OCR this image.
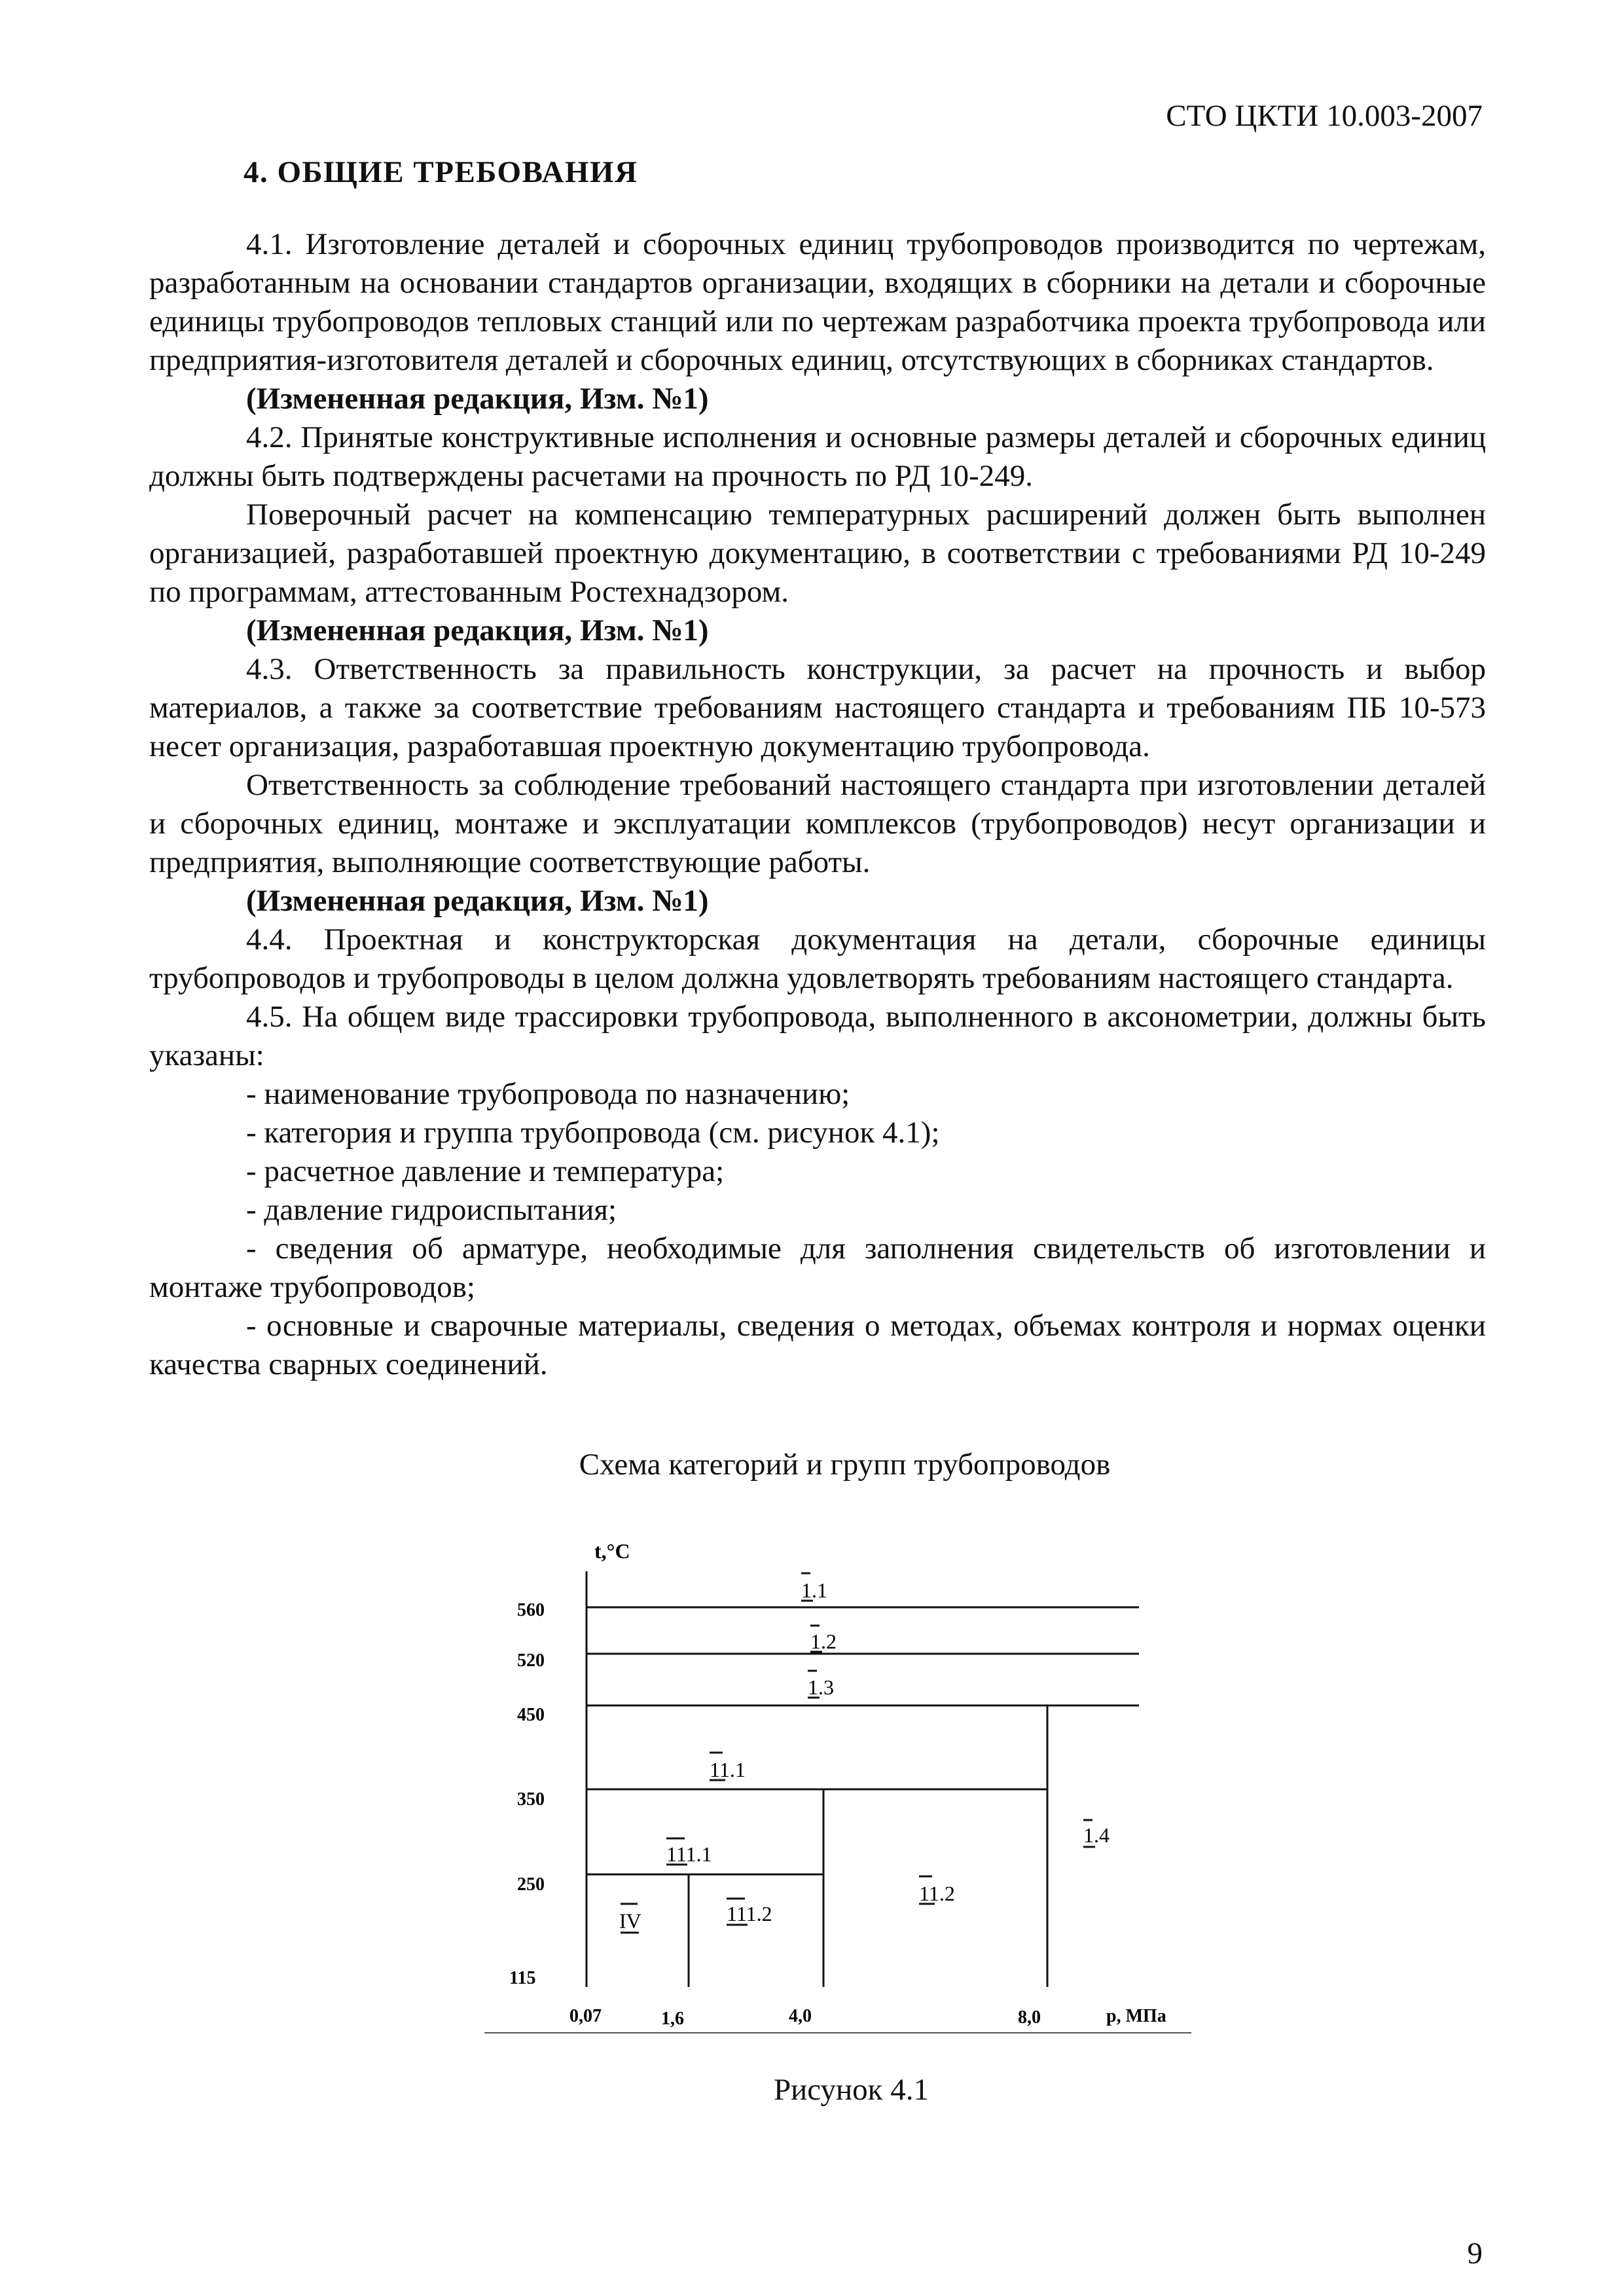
СТО ЦКТИ 10.003-2007
4. ОБЩИЕ ТРЕБОВАНИЯ

4.1. Изготовление деталей и сборочных единиц трубопроводов производится по чертежам, разработанным на основании стандартов организации, входящих в сборники на детали и сборочные единицы трубопроводов тепловых станций или по чертежам разработчика проекта трубопровода или предприятия-изготовителя деталей и сборочных единиц, отсутствующих в сборниках стандартов.

(Измененная редакция, Изм. №1)

4.2. Принятые конструктивные исполнения и основные размеры деталей и сборочных единиц должны быть подтверждены расчетами на прочность по РД 10-249.

Поверочный расчет на компенсацию температурных расширений должен быть выполнен организацией, разработавшей проектную документацию, в соответствии с требованиями РД 10-249 по программам, аттестованным Ростехнадзором.

(Измененная редакция, Изм. №1)

4.3. Ответственность за правильность конструкции, за расчет на прочность и выбор материалов, а также за соответствие требованиям настоящего стандарта и требованиям ПБ 10-573 несет организация, разработавшая проектную документацию трубопровода.

Ответственность за соблюдение требований настоящего стандарта при изготовлении деталей и сборочных единиц, монтаже и эксплуатации комплексов (трубопроводов) несут организации и предприятия, выполняющие соответствующие работы.

(Измененная редакция, Изм. №1)

4.4. Проектная и конструкторская документация на детали, сборочные единицы трубопроводов и трубопроводы в целом должна удовлетворять требованиям настоящего стандарта.

4.5. На общем виде трассировки трубопровода, выполненного в аксонометрии, должны быть указаны:

- наименование трубопровода по назначению;

- категория и группа трубопровода (см. рисунок 4.1);

- расчетное давление и температура;

- давление гидроиспытания;

- сведения об арматуре, необходимые для заполнения свидетельств об изготовлении и монтаже трубопроводов;

- основные и сварочные материалы, сведения о методах, объемах контроля и нормах оценки качества сварных соединений.

Схема категорий и групп трубопроводов
t,°C
p, МПа
560
520
450
350
250
115
0,07	1,6	4,0	8,0
1.1
1.2
1.3
1.4
11.1
11.2
111.1
111.2
IV
Рисунок 4.1
9
